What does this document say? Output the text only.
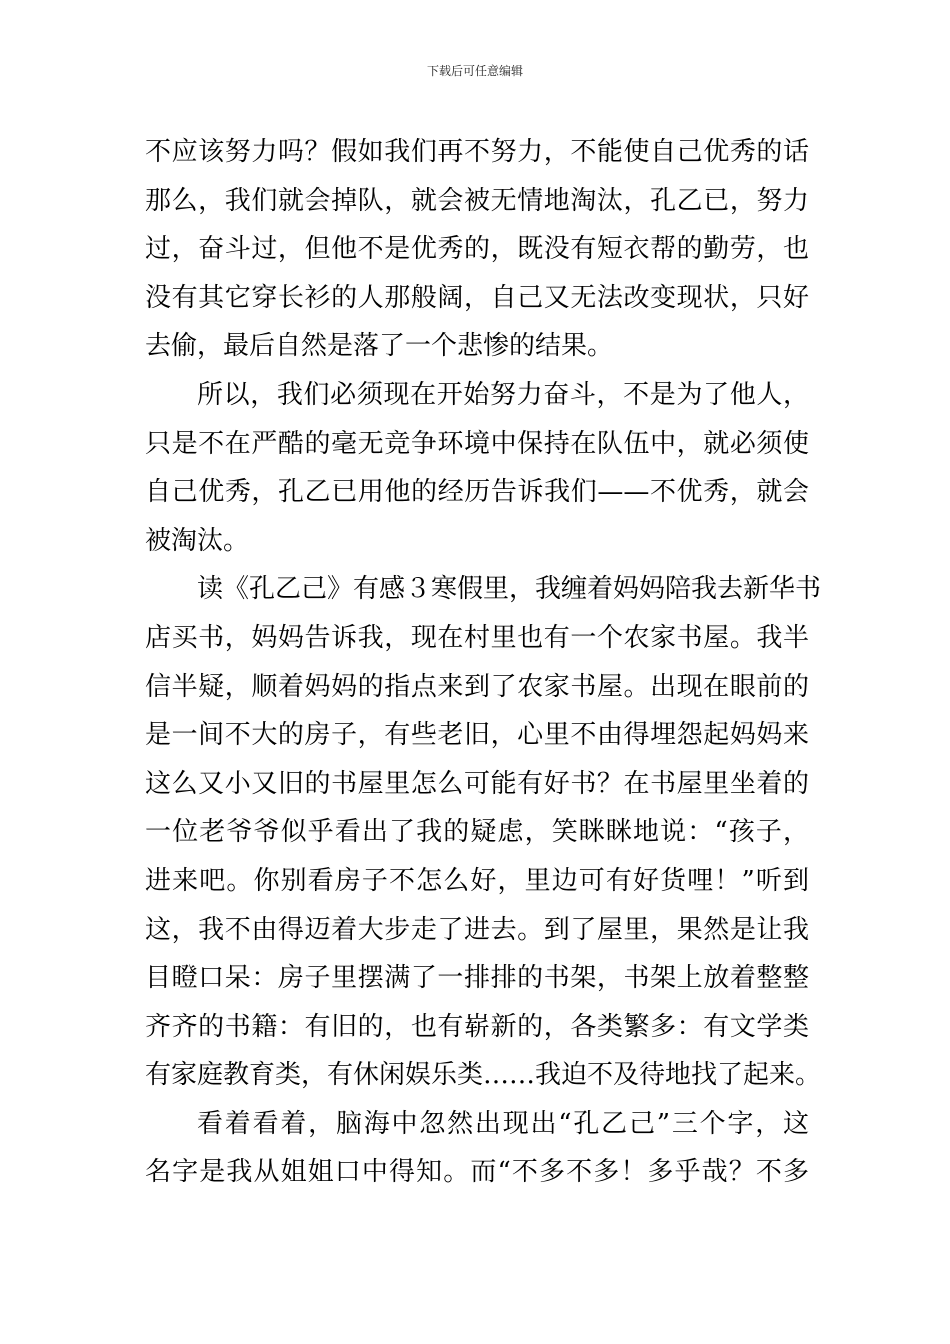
下载后可任意编辑
不应该努力吗？假如我们再不努力，不能使自己优秀的话
那么，我们就会掉队，就会被无情地淘汰，孔乙已，努力
过，奋斗过，但他不是优秀的，既没有短衣帮的勤劳，也
没有其它穿长衫的人那般阔，自己又无法改变现状，只好
去偷，最后自然是落了一个悲惨的结果。
所以，我们必须现在开始努力奋斗，不是为了他人，
只是不在严酷的毫无竞争环境中保持在队伍中，就必须使
自己优秀，孔乙已用他的经历告诉我们——不优秀，就会
被淘汰。
读《孔乙己》有感３寒假里，我缠着妈妈陪我去新华书
店买书，妈妈告诉我，现在村里也有一个农家书屋。我半
信半疑，顺着妈妈的指点来到了农家书屋。出现在眼前的
是一间不大的房子，有些老旧，心里不由得埋怨起妈妈来
这么又小又旧的书屋里怎么可能有好书？在书屋里坐着的
一位老爷爷似乎看出了我的疑虑，笑眯眯地说：“孩子，
进来吧。你别看房子不怎么好，里边可有好货哩！”听到
这，我不由得迈着大步走了进去。到了屋里，果然是让我
目瞪口呆：房子里摆满了一排排的书架，书架上放着整整
齐齐的书籍：有旧的，也有崭新的，各类繁多：有文学类
有家庭教育类，有休闲娱乐类……我迫不及待地找了起来。
看着看着，脑海中忽然出现出“孔乙己”三个字，这
名字是我从姐姐口中得知。而“不多不多！多乎哉？不多
